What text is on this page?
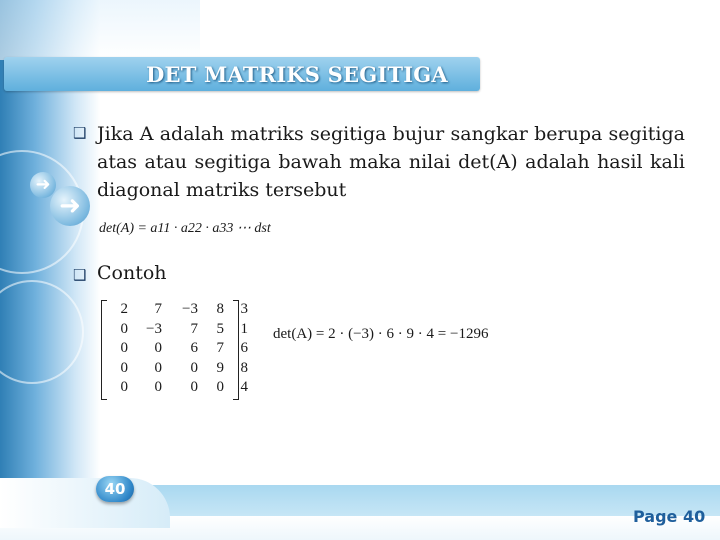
➜
➜
DET MATRIKS SEGITIGA
❑ Jika A adalah matriks segitiga bujur sangkar berupa segitiga atas atau segitiga bawah maka nilai det(A) adalah hasil kali diagonal matriks tersebut
det(A) = a11 · a22 · a33 ⋯ dst
❑ Contoh
2	7	−3	8	3
0	−3	7	5	1
0	0	6	7	6
0	0	0	9	8
0	0	0	0	4
det(A) = 2 · (−3) · 6 · 9 · 4 = −1296
40
Page 40
